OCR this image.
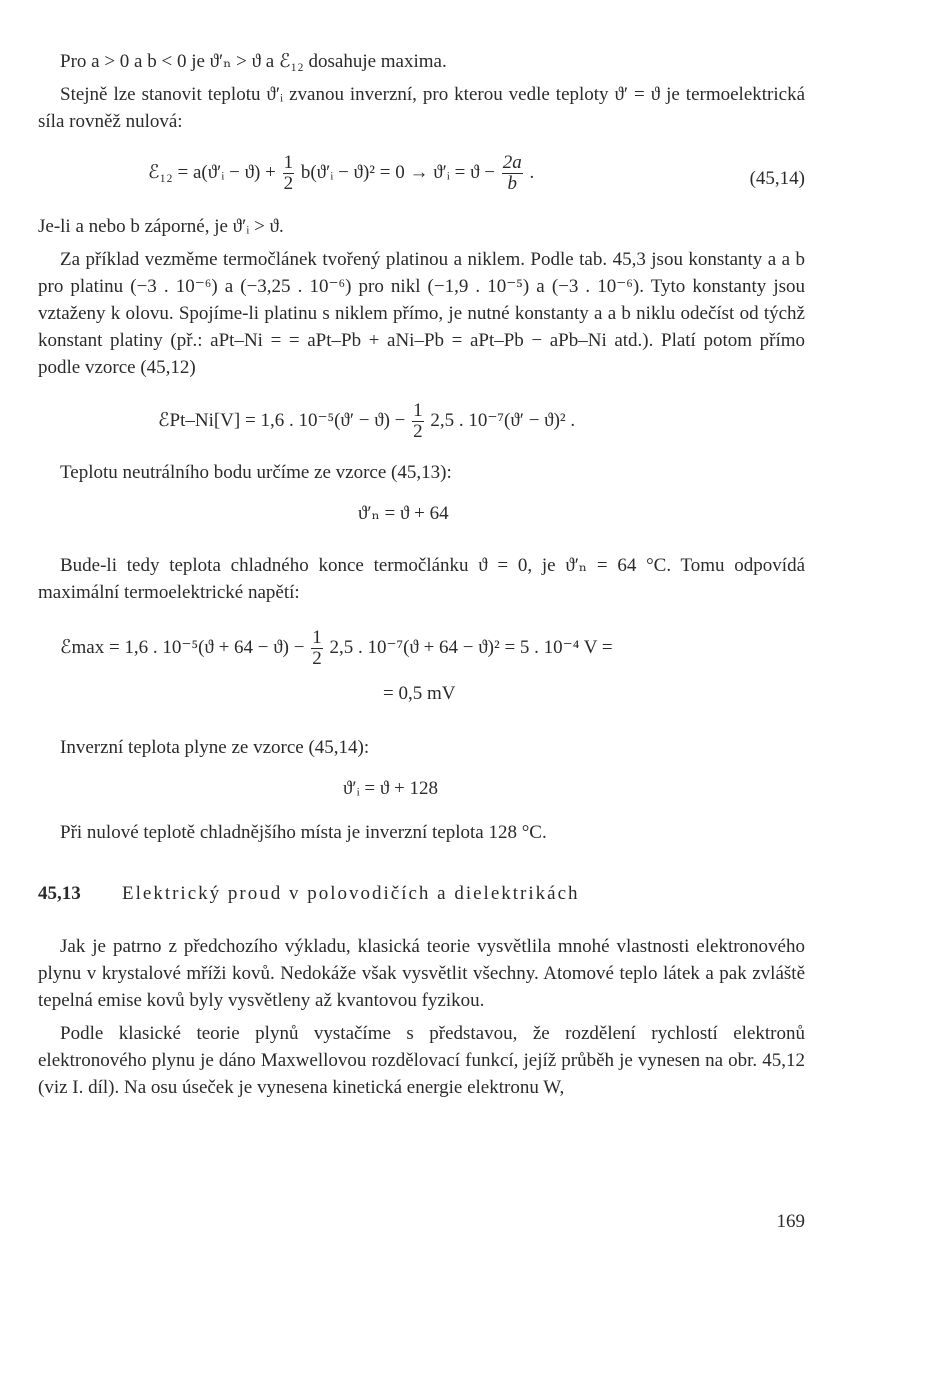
Pro a > 0 a b < 0 je ϑ′ₙ > ϑ a ℰ₁₂ dosahuje maxima.

Stejně lze stanovit teplotu ϑ′ᵢ zvanou inverzní, pro kterou vedle teploty ϑ′ = ϑ je termoelektrická síla rovněž nulová:

ℰ₁₂ = a(ϑ′ᵢ − $ϑ) + \frac{1}{2}$ b(ϑ′ᵢ − ϑ)² = 0 → ϑ′ᵢ = $ϑ - \frac{2a}{b}$ .	(45,14)

Je-li a nebo b záporné, je ϑ′ᵢ > ϑ.

Za příklad vezměme termočlánek tvořený platinou a niklem. Podle tab. 45,3 jsou konstanty a a b pro platinu (−3 . 10⁻⁶) a (−3,25 . 10⁻⁶) pro nikl (−1,9 . 10⁻⁵) a (−3 . 10⁻⁶). Tyto konstanty jsou vztaženy k olovu. Spojíme-li platinu s niklem přímo, je nutné konstanty a a b niklu odečíst od týchž konstant platiny (př.: aPt–Ni = = aPt–Pb + aNi–Pb = aPt–Pb − aPb–Ni atd.). Platí potom přímo podle vzorce (45,12)

ℰPt–Ni[V] = 1,6 . $10^{-5}(ϑ' - ϑ) - \frac{1}{2} 2,5$ . 10⁻⁷(ϑ′ − ϑ)² .

Teplotu neutrálního bodu určíme ze vzorce (45,13):

ϑ′ₙ = ϑ + 64

Bude-li tedy teplota chladného konce termočlánku ϑ = 0, je ϑ′ₙ = 64 °C. Tomu odpovídá maximální termoelektrické napětí:

ℰmax = 1,6 . $10^{-5}(ϑ + 64 - ϑ) - \frac{1}{2} 2,5$ . 10⁻⁷(ϑ + 64 − ϑ)² = 5 . 10⁻⁴ V =
= 0,5 mV

Inverzní teplota plyne ze vzorce (45,14):

ϑ′ᵢ = ϑ + 128

Při nulové teplotě chladnějšího místa je inverzní teplota 128 °C.

45,13 Elektrický proud v polovodičích a dielektrikách

Jak je patrno z předchozího výkladu, klasická teorie vysvětlila mnohé vlastnosti elektronového plynu v krystalové mříži kovů. Nedokáže však vysvětlit všechny. Atomové teplo látek a pak zvláště tepelná emise kovů byly vysvětleny až kvantovou fyzikou.

Podle klasické teorie plynů vystačíme s představou, že rozdělení rychlostí elektronů elektronového plynu je dáno Maxwellovou rozdělovací funkcí, jejíž průběh je vynesen na obr. 45,12 (viz I. díl). Na osu úseček je vynesena kinetická energie elektronu W,

169
